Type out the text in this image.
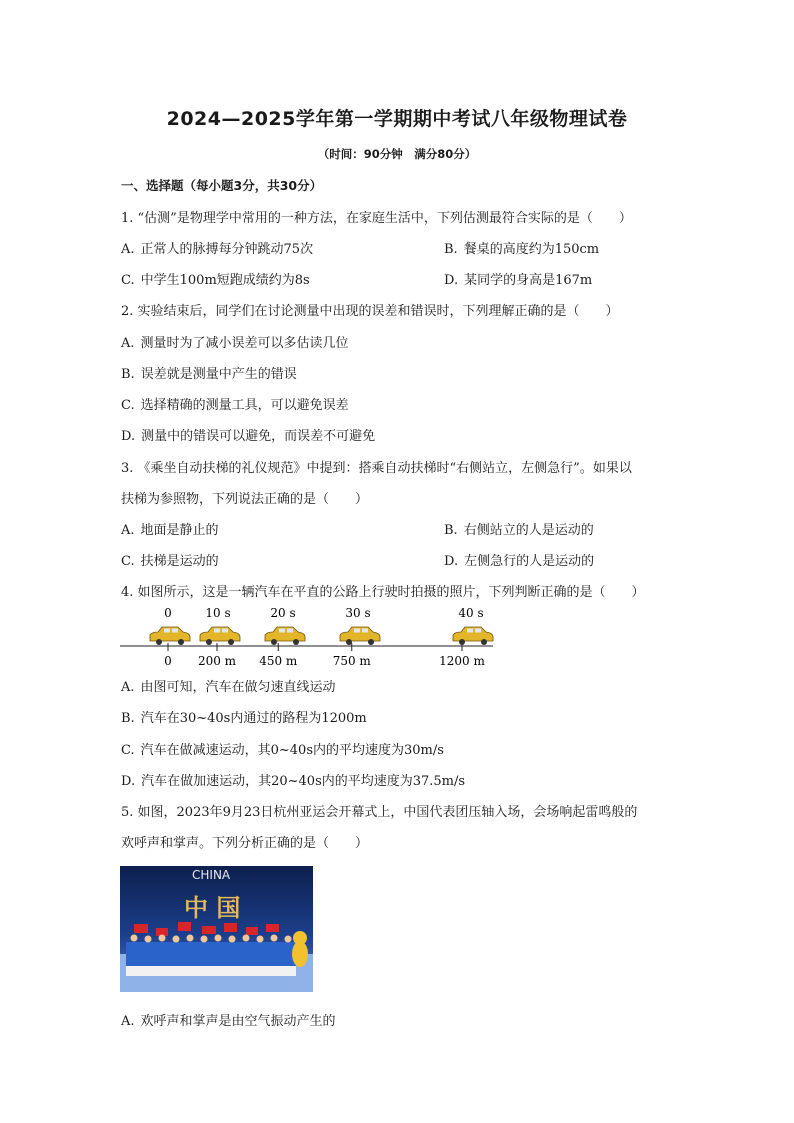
2024—2025学年第一学期期中考试八年级物理试卷
（时间：90分钟　满分80分）
一、选择题（每小题3分，共30分）
1. “估测”是物理学中常用的一种方法，在家庭生活中，下列估测最符合实际的是（　　）
A. 正常人的脉搏每分钟跳动75次	B. 餐桌的高度约为150cm
C. 中学生100m短跑成绩约为8s	D. 某同学的身高是167m
2. 实验结束后，同学们在讨论测量中出现的误差和错误时，下列理解正确的是（　　）
A. 测量时为了减小误差可以多估读几位
B. 误差就是测量中产生的错误
C. 选择精确的测量工具，可以避免误差
D. 测量中的错误可以避免，而误差不可避免
3. 《乘坐自动扶梯的礼仪规范》中提到：搭乘自动扶梯时“右侧站立，左侧急行”。如果以
扶梯为参照物，下列说法正确的是（　　）
A. 地面是静止的	B. 右侧站立的人是运动的
C. 扶梯是运动的	D. 左侧急行的人是运动的
4. 如图所示，这是一辆汽车在平直的公路上行驶时拍摄的照片，下列判断正确的是（　　）
0
0
200 m
10 s
450 m
20 s
750 m
30 s
1200 m
40 s
A. 由图可知，汽车在做匀速直线运动
B. 汽车在30~40s内通过的路程为1200m
C. 汽车在做减速运动，其0~40s内的平均速度为30m/s
D. 汽车在做加速运动，其20~40s内的平均速度为37.5m/s
5. 如图，2023年9月23日杭州亚运会开幕式上，中国代表团压轴入场，会场响起雷鸣般的
欢呼声和掌声。下列分析正确的是（　　）
CHINA
中 国
A. 欢呼声和掌声是由空气振动产生的
